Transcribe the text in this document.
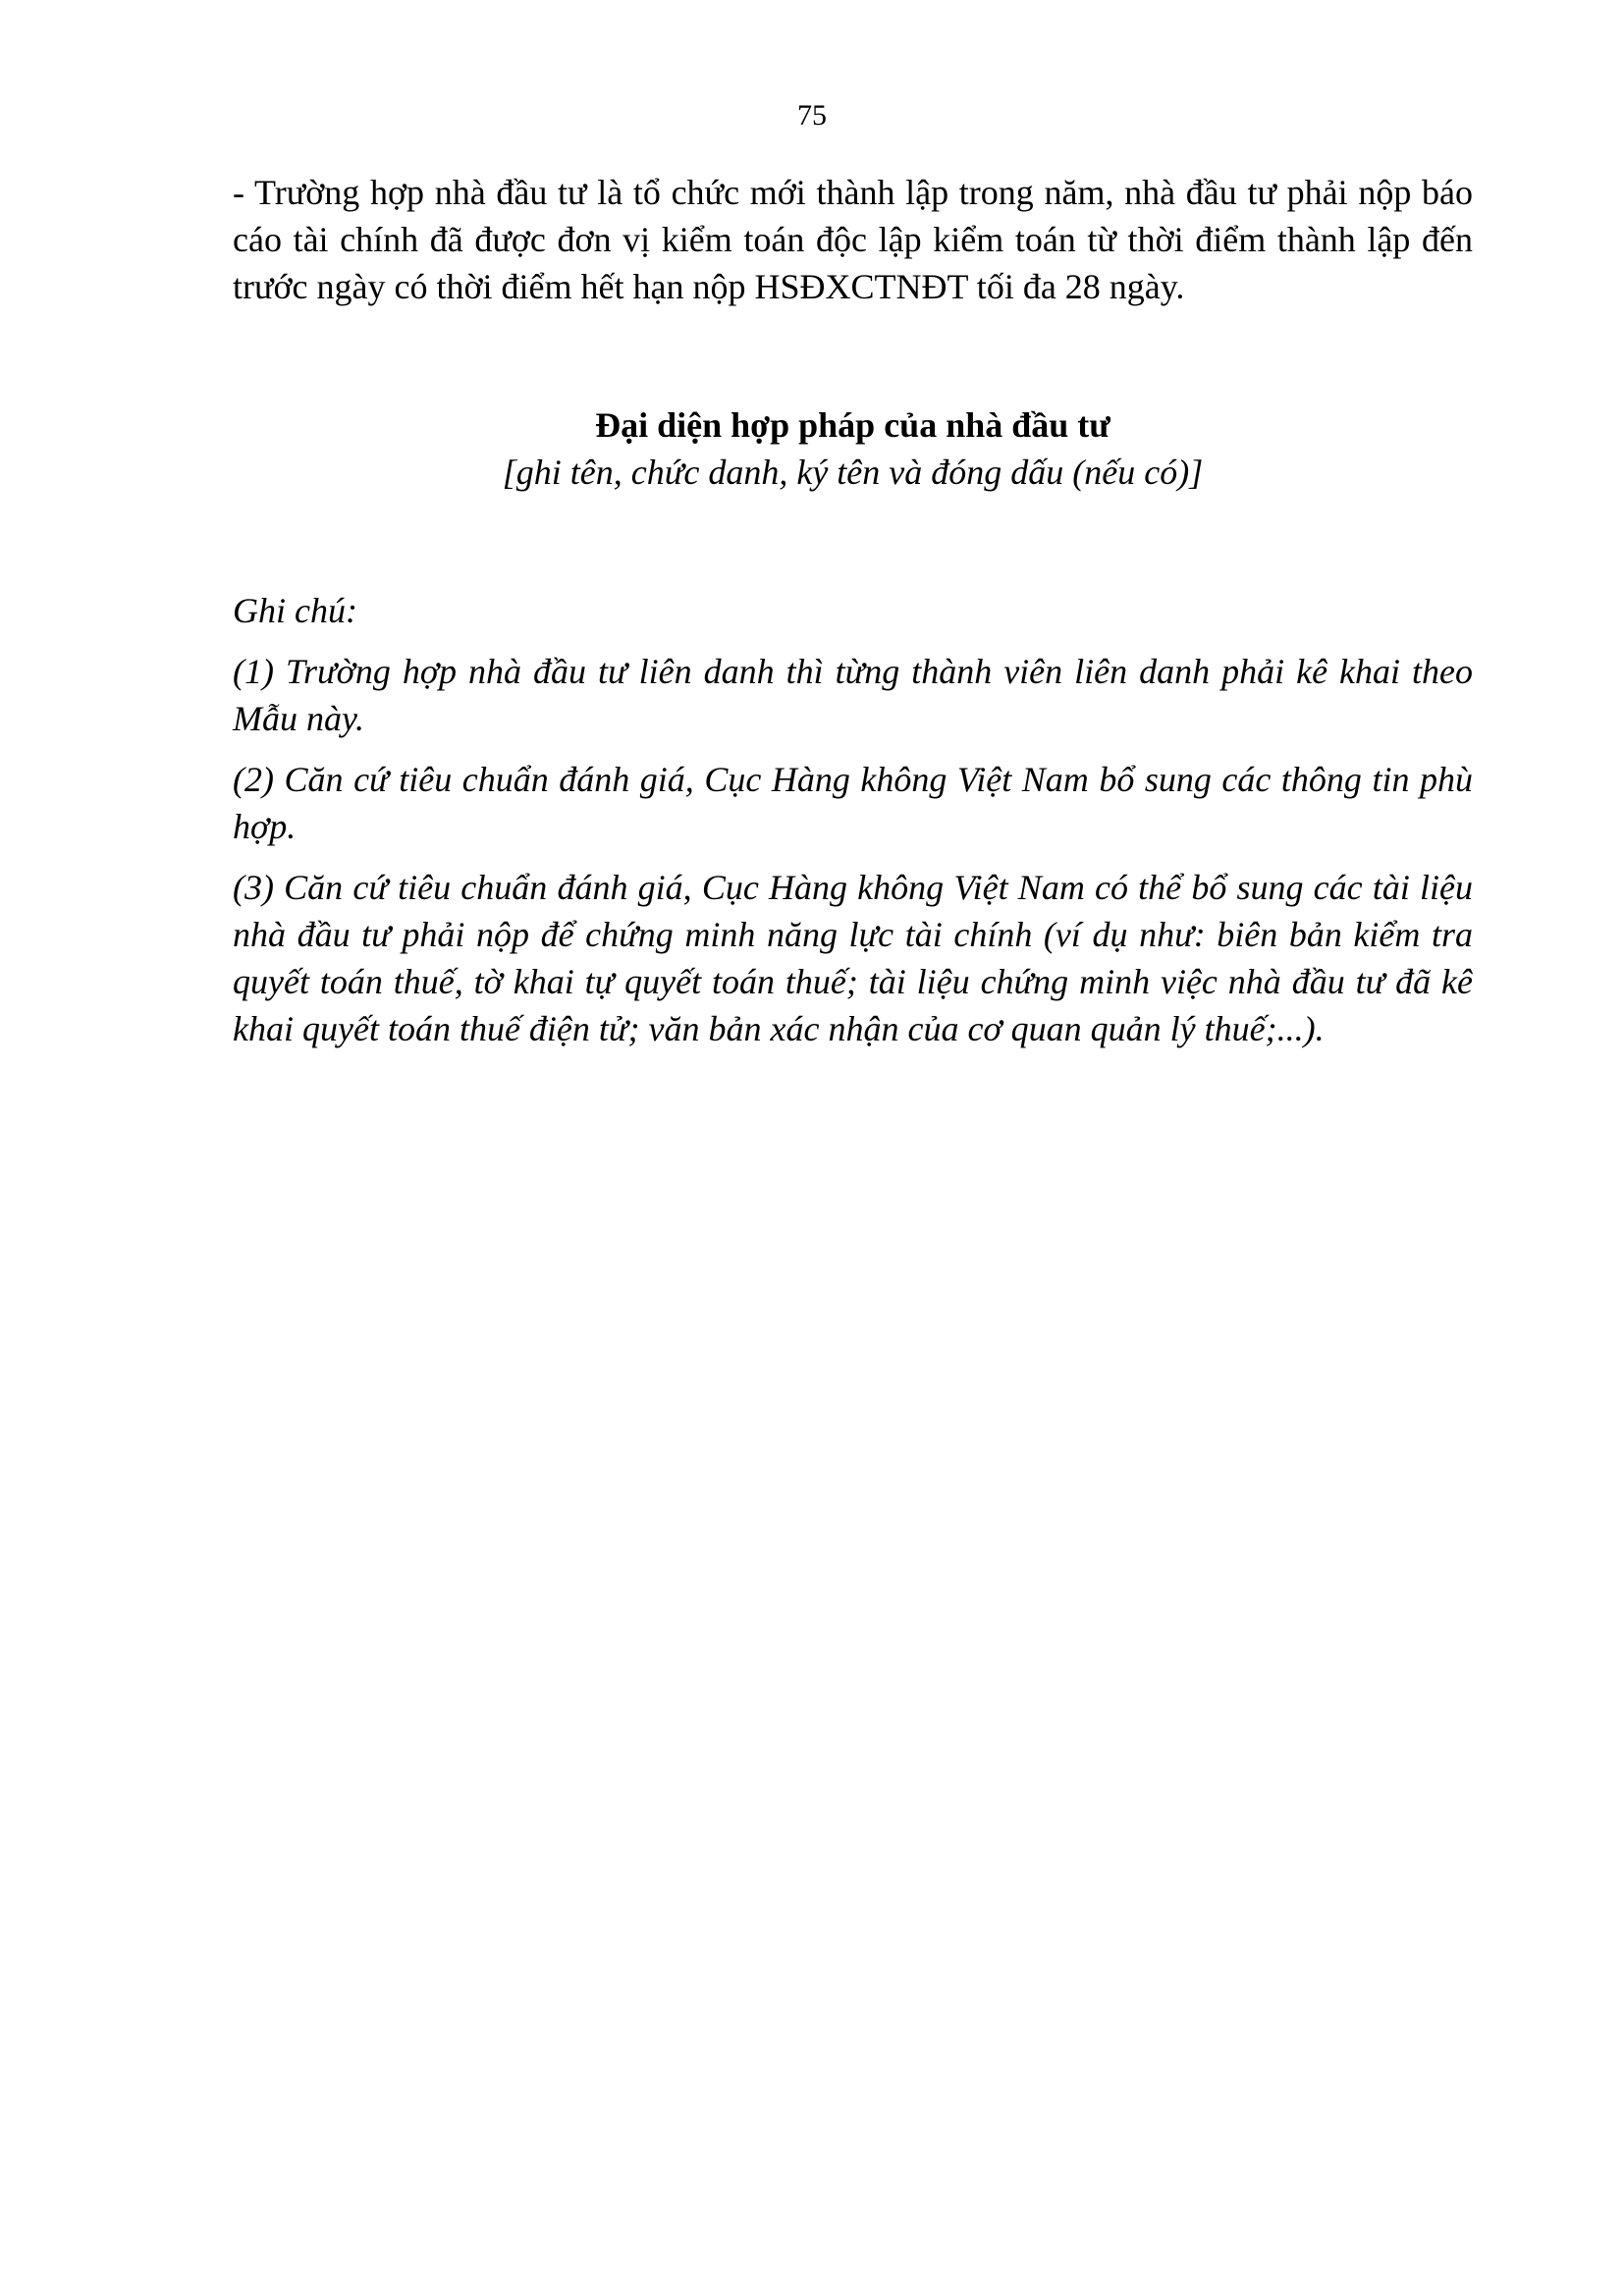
75

- Trường hợp nhà đầu tư là tổ chức mới thành lập trong năm, nhà đầu tư phải nộp báo cáo tài chính đã được đơn vị kiểm toán độc lập kiểm toán từ thời điểm thành lập đến trước ngày có thời điểm hết hạn nộp HSĐXCTNĐT tối đa 28 ngày.

Đại diện hợp pháp của nhà đầu tư

[ghi tên, chức danh, ký tên và đóng dấu (nếu có)]

Ghi chú:

(1) Trường hợp nhà đầu tư liên danh thì từng thành viên liên danh phải kê khai theo Mẫu này.

(2) Căn cứ tiêu chuẩn đánh giá, Cục Hàng không Việt Nam bổ sung các thông tin phù hợp.

(3) Căn cứ tiêu chuẩn đánh giá, Cục Hàng không Việt Nam có thể bổ sung các tài liệu nhà đầu tư phải nộp để chứng minh năng lực tài chính (ví dụ như: biên bản kiểm tra quyết toán thuế, tờ khai tự quyết toán thuế; tài liệu chứng minh việc nhà đầu tư đã kê khai quyết toán thuế điện tử; văn bản xác nhận của cơ quan quản lý thuế;...).
